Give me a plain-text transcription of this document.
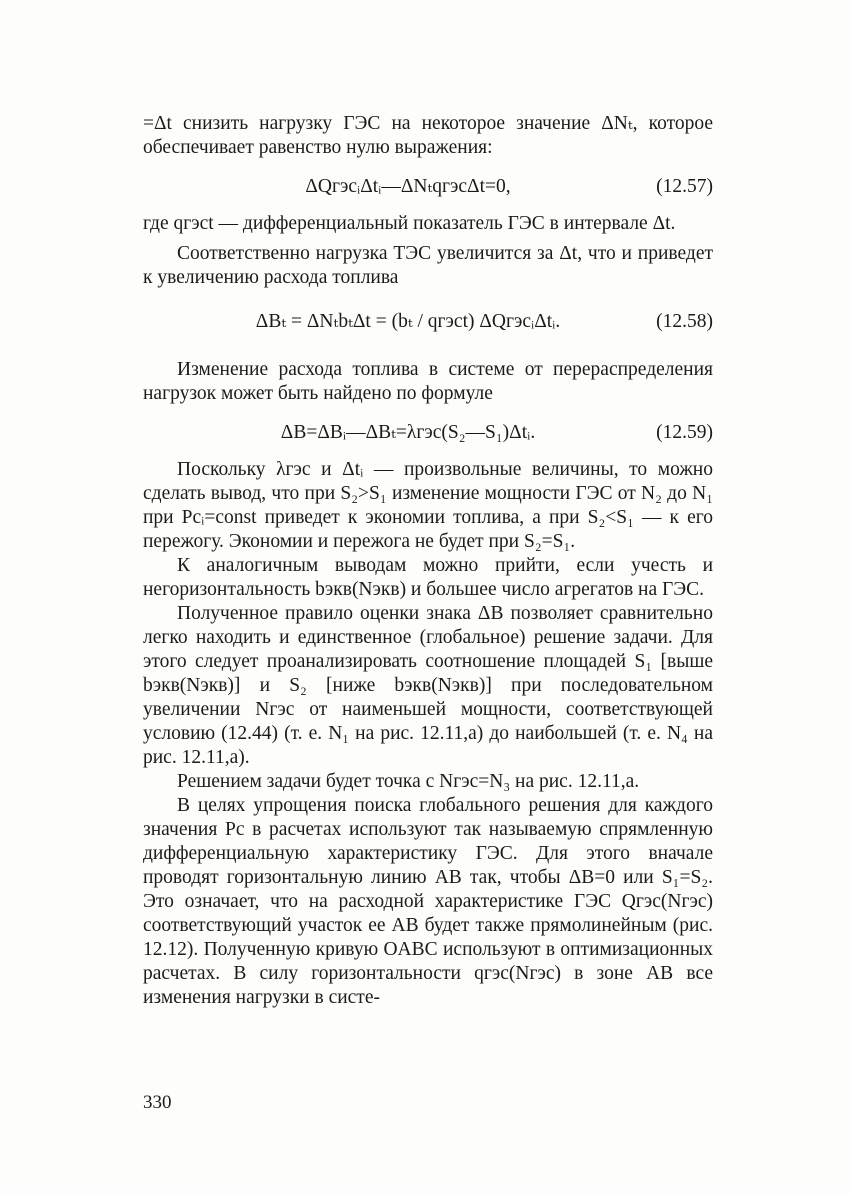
=Δt снизить нагрузку ГЭС на некоторое значение ΔNₜ, которое обеспечивает равенство нулю выражения:

ΔQгэсᵢΔtᵢ—ΔNₜqгэсΔt=0,	(12.57)

где qгэсt — дифференциальный показатель ГЭС в интервале Δt.

Соответственно нагрузка ТЭС увеличится за Δt, что и приведет к увеличению расхода топлива

ΔBₜ = ΔNₜbₜΔt = (bₜ / qгэсt) ΔQгэсᵢΔtᵢ.	(12.58)

Изменение расхода топлива в системе от перераспределения нагрузок может быть найдено по формуле

ΔB=ΔBᵢ—ΔBₜ=λгэс(S₂—S₁)Δtᵢ.	(12.59)

Поскольку λгэс и Δtᵢ — произвольные величины, то можно сделать вывод, что при S₂>S₁ изменение мощности ГЭС от N₂ до N₁ при Pcᵢ=const приведет к экономии топлива, а при S₂<S₁ — к его пережогу. Экономии и пережога не будет при S₂=S₁.

К аналогичным выводам можно прийти, если учесть и негоризонтальность bэкв(Nэкв) и большее число агрегатов на ГЭС.

Полученное правило оценки знака ΔB позволяет сравнительно легко находить и единственное (глобальное) решение задачи. Для этого следует проанализировать соотношение площадей S₁ [выше bэкв(Nэкв)] и S₂ [ниже bэкв(Nэкв)] при последовательном увеличении Nгэс от наименьшей мощности, соответствующей условию (12.44) (т. е. N₁ на рис. 12.11,а) до наибольшей (т. е. N₄ на рис. 12.11,а).

Решением задачи будет точка с Nгэс=N₃ на рис. 12.11,а.

В целях упрощения поиска глобального решения для каждого значения Pc в расчетах используют так называемую спрямленную дифференциальную характеристику ГЭС. Для этого вначале проводят горизонтальную линию AB так, чтобы ΔB=0 или S₁=S₂. Это означает, что на расходной характеристике ГЭС Qгэс(Nгэс) соответствующий участок ее AB будет также прямолинейным (рис. 12.12). Полученную кривую OABC используют в оптимизационных расчетах. В силу горизонтальности qгэс(Nгэс) в зоне AB все изменения нагрузки в систе-

330
